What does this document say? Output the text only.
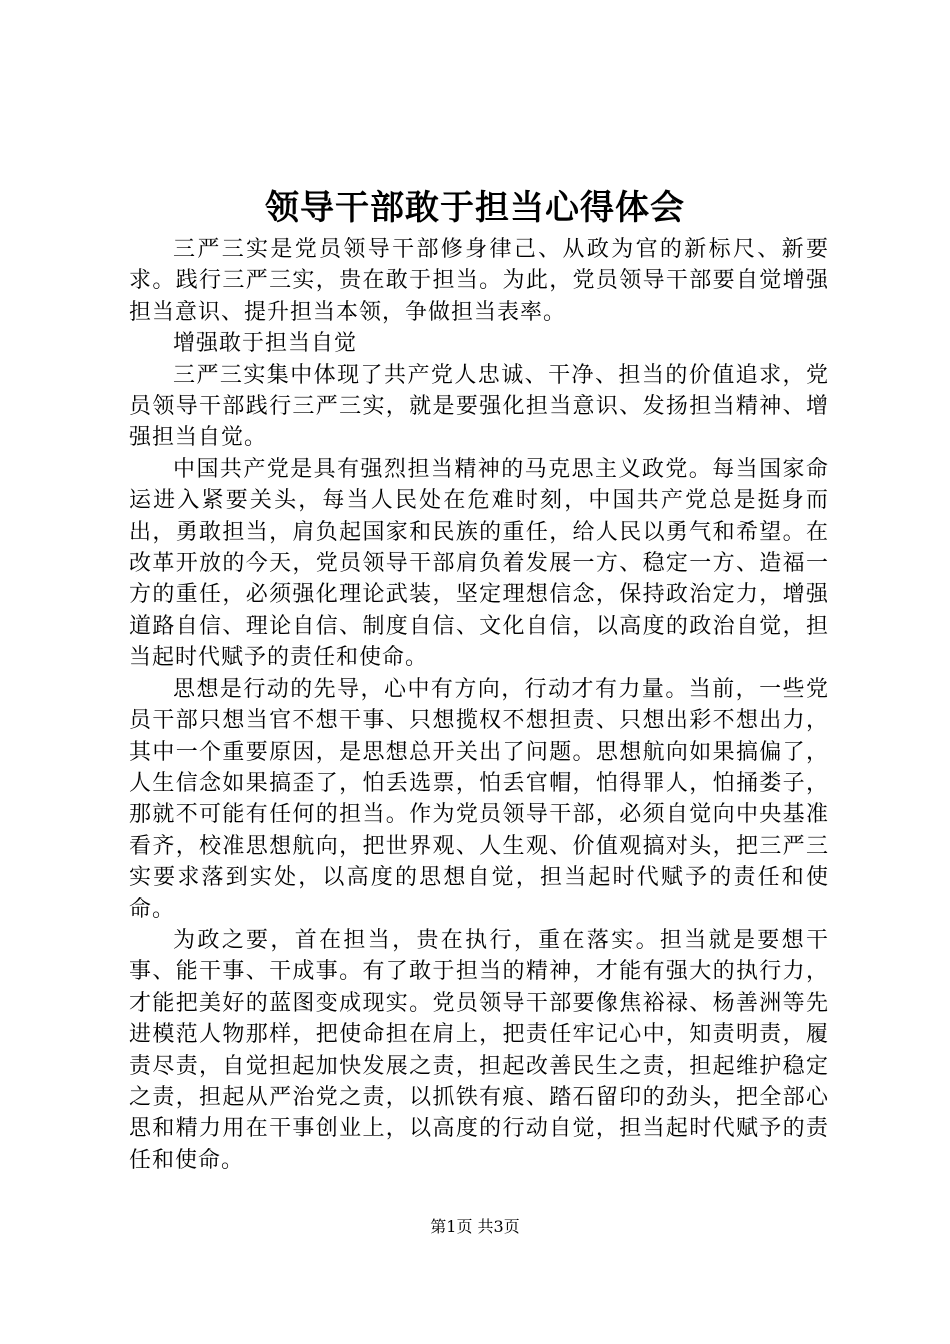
领导干部敢于担当心得体会

三严三实是党员领导干部修身律己、从政为官的新标尺、新要求。践行三严三实，贵在敢于担当。为此，党员领导干部要自觉增强担当意识、提升担当本领，争做担当表率。

增强敢于担当自觉

三严三实集中体现了共产党人忠诚、干净、担当的价值追求，党员领导干部践行三严三实，就是要强化担当意识、发扬担当精神、增强担当自觉。

中国共产党是具有强烈担当精神的马克思主义政党。每当国家命运进入紧要关头，每当人民处在危难时刻，中国共产党总是挺身而出，勇敢担当，肩负起国家和民族的重任，给人民以勇气和希望。在改革开放的今天，党员领导干部肩负着发展一方、稳定一方、造福一方的重任，必须强化理论武装，坚定理想信念，保持政治定力，增强道路自信、理论自信、制度自信、文化自信，以高度的政治自觉，担当起时代赋予的责任和使命。

思想是行动的先导，心中有方向，行动才有力量。当前，一些党员干部只想当官不想干事、只想揽权不想担责、只想出彩不想出力，其中一个重要原因，是思想总开关出了问题。思想航向如果搞偏了，人生信念如果搞歪了，怕丢选票，怕丢官帽，怕得罪人，怕捅娄子，那就不可能有任何的担当。作为党员领导干部，必须自觉向中央基准看齐，校准思想航向，把世界观、人生观、价值观搞对头，把三严三实要求落到实处，以高度的思想自觉，担当起时代赋予的责任和使命。

为政之要，首在担当，贵在执行，重在落实。担当就是要想干事、能干事、干成事。有了敢于担当的精神，才能有强大的执行力，才能把美好的蓝图变成现实。党员领导干部要像焦裕禄、杨善洲等先进模范人物那样，把使命担在肩上，把责任牢记心中，知责明责，履责尽责，自觉担起加快发展之责，担起改善民生之责，担起维护稳定之责，担起从严治党之责，以抓铁有痕、踏石留印的劲头，把全部心思和精力用在干事创业上，以高度的行动自觉，担当起时代赋予的责任和使命。

第1页 共3页
